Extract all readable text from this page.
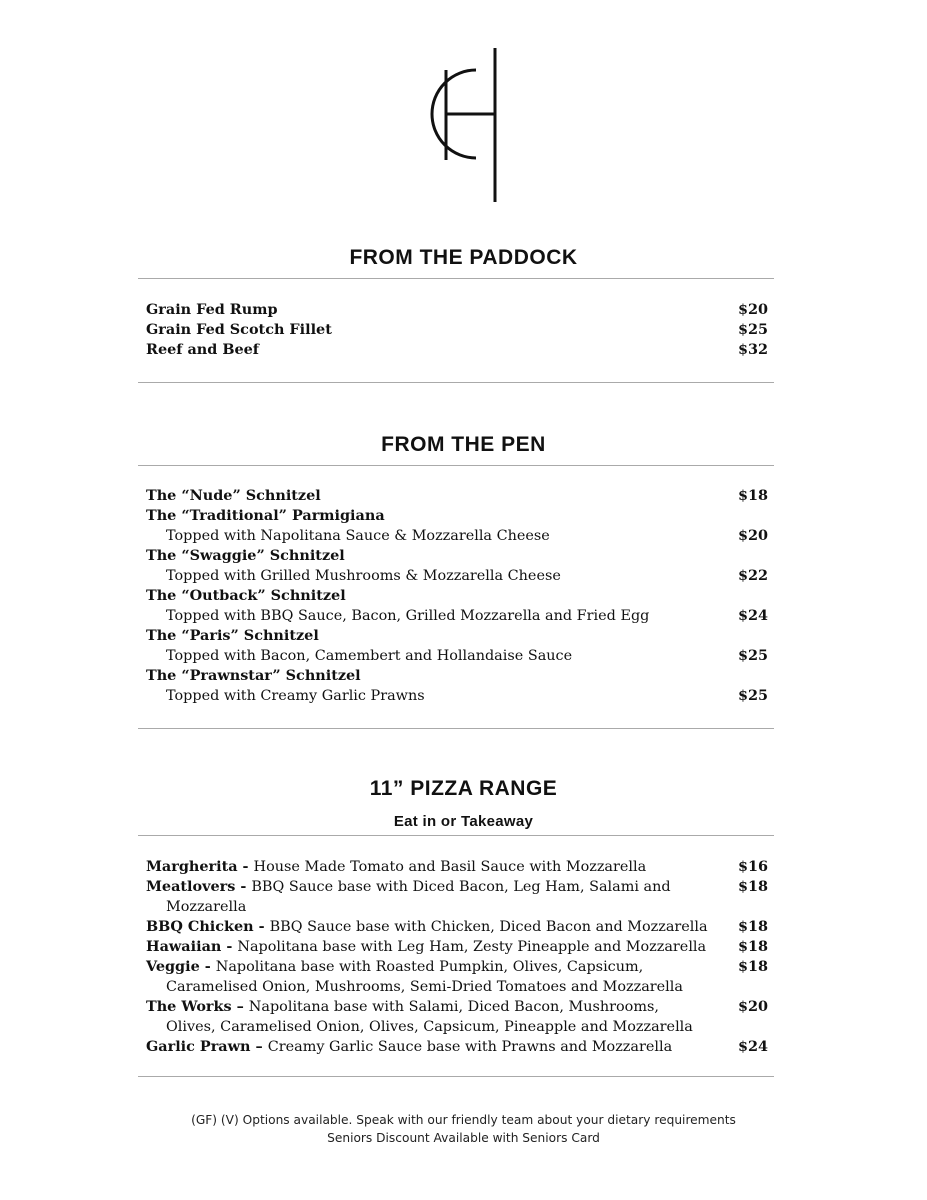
FROM THE PADDOCK
Grain Fed Rump	$20
Grain Fed Scotch Fillet	$25
Reef and Beef	$32
FROM THE PEN
The “Nude” Schnitzel	$18
The “Traditional” Parmigiana
Topped with Napolitana Sauce & Mozzarella Cheese	$20
The “Swaggie” Schnitzel
Topped with Grilled Mushrooms & Mozzarella Cheese	$22
The “Outback” Schnitzel
Topped with BBQ Sauce, Bacon, Grilled Mozzarella and Fried Egg	$24
The “Paris” Schnitzel
Topped with Bacon, Camembert and Hollandaise Sauce	$25
The “Prawnstar” Schnitzel
Topped with Creamy Garlic Prawns	$25
11” PIZZA RANGE
Eat in or Takeaway
Margherita - House Made Tomato and Basil Sauce with Mozzarella	$16
Meatlovers - BBQ Sauce base with Diced Bacon, Leg Ham, Salami and	$18
Mozzarella
BBQ Chicken - BBQ Sauce base with Chicken, Diced Bacon and Mozzarella $18
Hawaiian - Napolitana base with Leg Ham, Zesty Pineapple and Mozzarella $18
Veggie - Napolitana base with Roasted Pumpkin, Olives, Capsicum,	$18
Caramelised Onion, Mushrooms, Semi-Dried Tomatoes and Mozzarella
The Works – Napolitana base with Salami, Diced Bacon, Mushrooms,	$20
Olives, Caramelised Onion, Olives, Capsicum, Pineapple and Mozzarella
Garlic Prawn – Creamy Garlic Sauce base with Prawns and Mozzarella	$24
(GF) (V) Options available. Speak with our friendly team about your dietary requirements
Seniors Discount Available with Seniors Card
